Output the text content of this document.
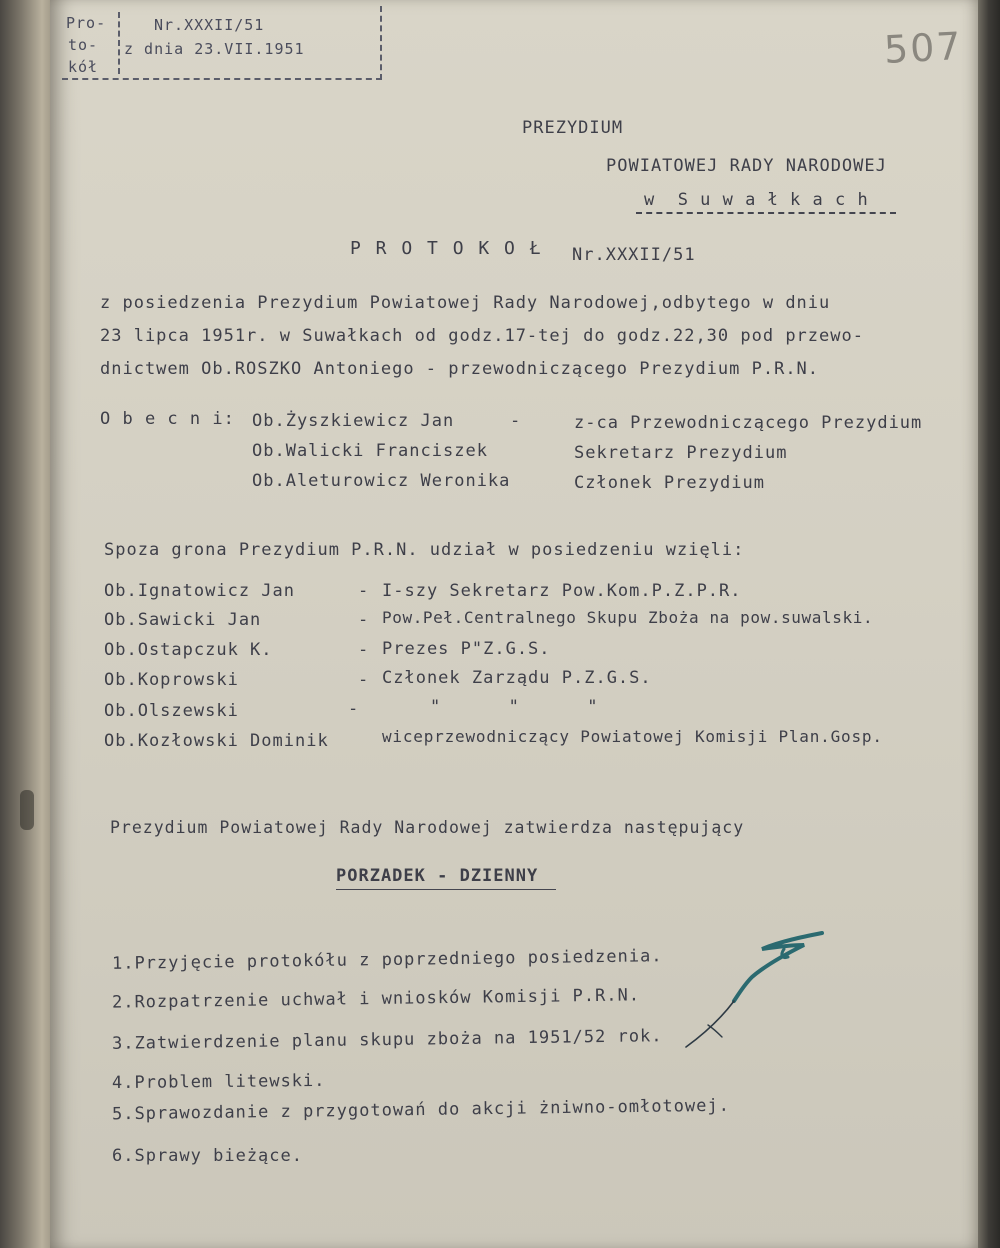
Pro-
to-
kół
Nr.XXXII/51
z dnia 23.VII.1951	507
PREZYDIUM
POWIATOWEJ RADY NARODOWEJ
w  S u w a ł k a c h
P R O T O K O Ł Nr.XXXII/51
z posiedzenia Prezydium Powiatowej Rady Narodowej,odbytego w dniu
23 lipca 1951r. w Suwałkach od godz.17-tej do godz.22,30 pod przewo-
dnictwem Ob.ROSZKO Antoniego - przewodniczącego Prezydium P.R.N.
O b e c n i: Ob.Żyszkiewicz Jan	-	z-ca Przewodniczącego Prezydium
Ob.Walicki Franciszek	Sekretarz Prezydium
Ob.Aleturowicz Weronika	Członek Prezydium
Spoza grona Prezydium P.R.N. udział w posiedzeniu wzięli:
Ob.Ignatowicz Jan	- I-szy Sekretarz Pow.Kom.P.Z.P.R.
Ob.Sawicki Jan	- Pow.Peł.Centralnego Skupu Zboża na pow.suwalski.
Ob.Ostapczuk K.	- Prezes P"Z.G.S.
Ob.Koprowski	- Członek Zarządu P.Z.G.S.
Ob.Olszewski	-	"      "      "
Ob.Kozłowski Dominik	wiceprzewodniczący Powiatowej Komisji Plan.Gosp.
Prezydium Powiatowej Rady Narodowej zatwierdza następujący
PORZADEK - DZIENNY
1.Przyjęcie protokółu z poprzedniego posiedzenia.
2.Rozpatrzenie uchwał i wniosków Komisji P.R.N.
3.Zatwierdzenie planu skupu zboża na 1951/52 rok.
4.Problem litewski.
5.Sprawozdanie z przygotowań do akcji żniwno-omłotowej.
6.Sprawy bieżące.
